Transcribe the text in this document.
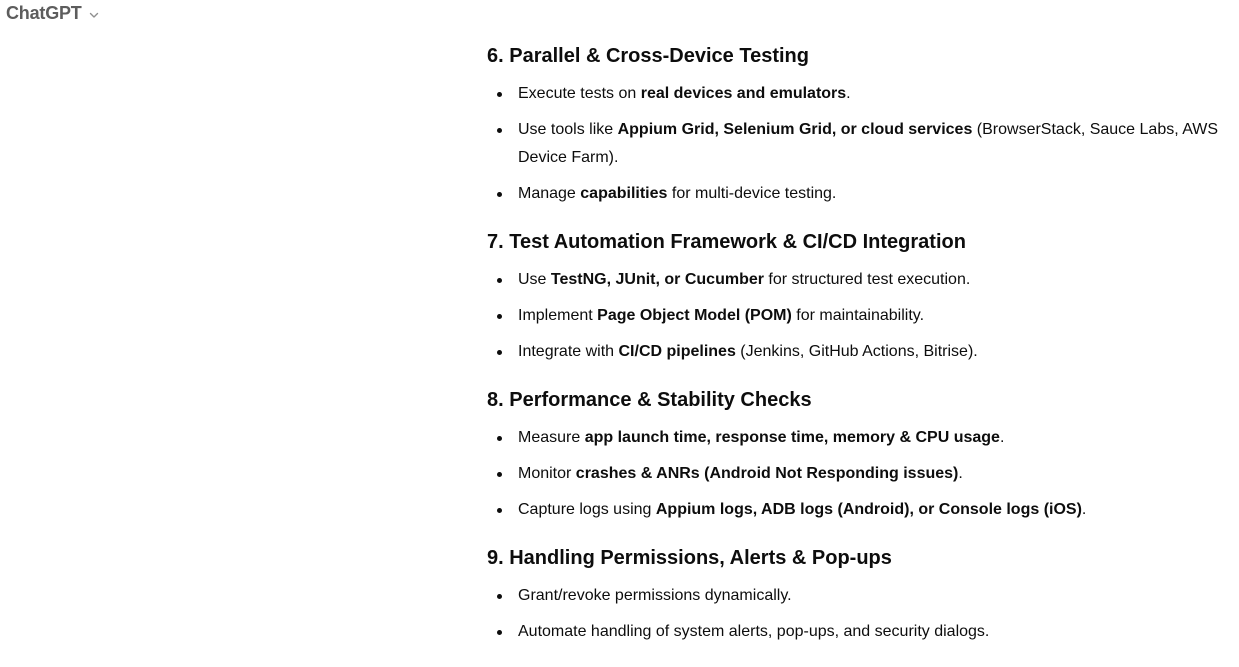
ChatGPT
6. Parallel & Cross-Device Testing
Execute tests on real devices and emulators.
Use tools like Appium Grid, Selenium Grid, or cloud services (BrowserStack, Sauce Labs, AWS Device Farm).
Manage capabilities for multi-device testing.
7. Test Automation Framework & CI/CD Integration
Use TestNG, JUnit, or Cucumber for structured test execution.
Implement Page Object Model (POM) for maintainability.
Integrate with CI/CD pipelines (Jenkins, GitHub Actions, Bitrise).
8. Performance & Stability Checks
Measure app launch time, response time, memory & CPU usage.
Monitor crashes & ANRs (Android Not Responding issues).
Capture logs using Appium logs, ADB logs (Android), or Console logs (iOS).
9. Handling Permissions, Alerts & Pop-ups
Grant/revoke permissions dynamically.
Automate handling of system alerts, pop-ups, and security dialogs.
